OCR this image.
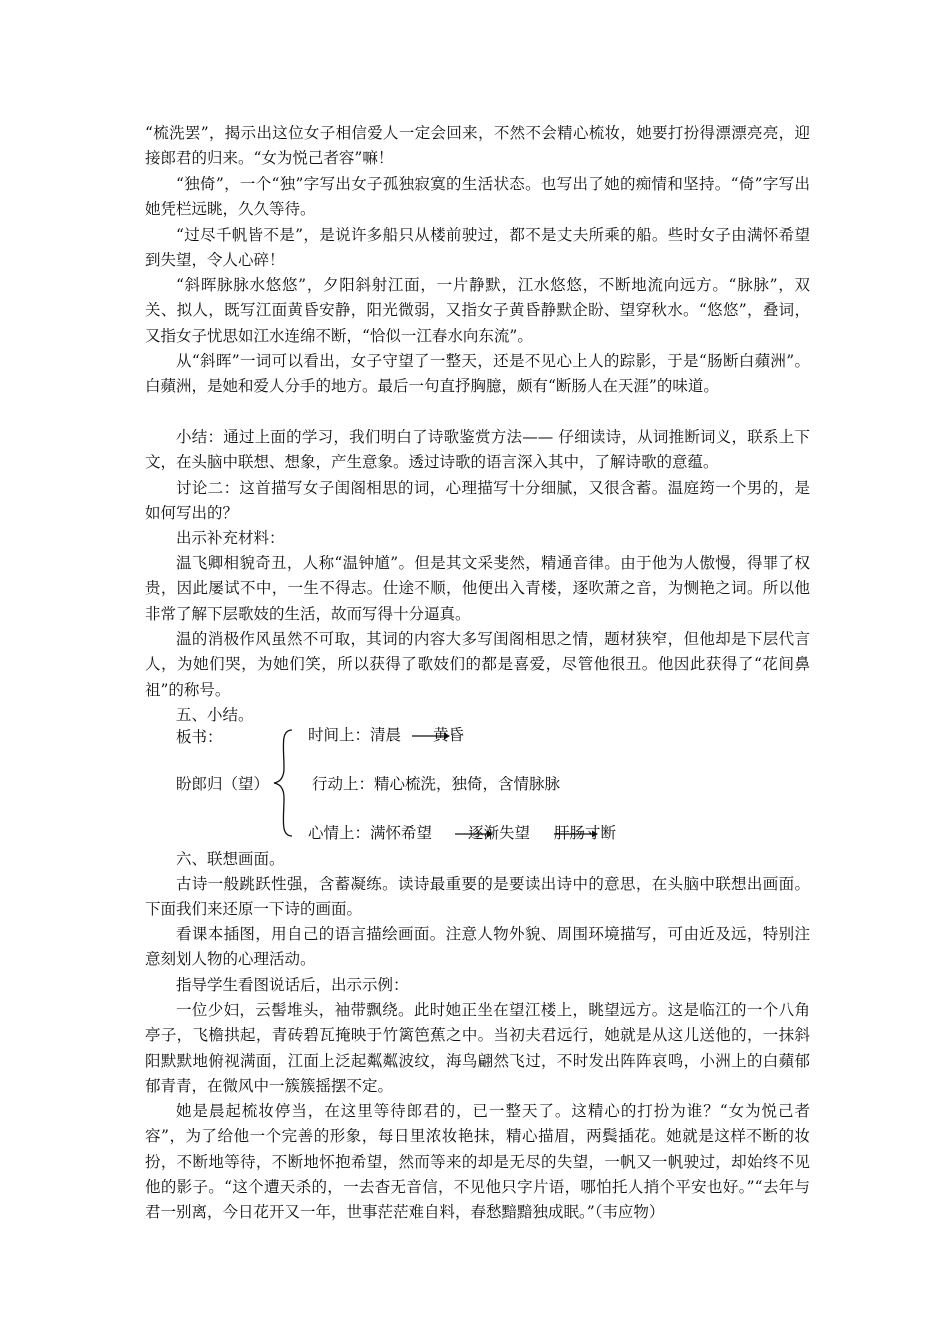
“梳洗罢”，揭示出这位女子相信爱人一定会回来，不然不会精心梳妆，她要打扮得漂漂亮亮，迎接郎君的归来。“女为悦己者容”嘛！

“独倚”，一个“独”字写出女子孤独寂寞的生活状态。也写出了她的痴情和坚持。“倚”字写出她凭栏远眺，久久等待。

“过尽千帆皆不是”，是说许多船只从楼前驶过，都不是丈夫所乘的船。些时女子由满怀希望到失望，令人心碎！

“斜晖脉脉水悠悠”，夕阳斜射江面，一片静默，江水悠悠，不断地流向远方。“脉脉”，双关、拟人，既写江面黄昏安静，阳光微弱，又指女子黄昏静默企盼、望穿秋水。“悠悠”，叠词，又指女子忧思如江水连绵不断，“恰似一江春水向东流”。

从“斜晖”一词可以看出，女子守望了一整天，还是不见心上人的踪影，于是“肠断白蘋洲”。白蘋洲，是她和爱人分手的地方。最后一句直抒胸臆，颇有“断肠人在天涯”的味道。

小结：通过上面的学习，我们明白了诗歌鉴赏方法—— 仔细读诗，从词推断词义，联系上下文，在头脑中联想、想象，产生意象。透过诗歌的语言深入其中，了解诗歌的意蕴。

讨论二：这首描写女子闺阁相思的词，心理描写十分细腻，又很含蓄。温庭筠一个男的，是如何写出的？

出示补充材料：

温飞卿相貌奇丑，人称“温钟馗”。但是其文采斐然，精通音律。由于他为人傲慢，得罪了权贵，因此屡试不中，一生不得志。仕途不顺，他便出入青楼，逐吹萧之音，为恻艳之词。所以他非常了解下层歌妓的生活，故而写得十分逼真。

温的消极作风虽然不可取，其词的内容大多写闺阁相思之情，题材狭窄，但他却是下层代言人，为她们哭，为她们笑，所以获得了歌妓们的都是喜爱，尽管他很丑。他因此获得了“花间鼻祖”的称号。

五、小结。

板书：
盼郎归（望）
时间上：清晨 黄昏
行动上：精心梳洗，独倚，含情脉脉
心情上：满怀希望 逐渐失望 肝肠寸断

六、联想画面。

古诗一般跳跃性强，含蓄凝练。读诗最重要的是要读出诗中的意思，在头脑中联想出画面。下面我们来还原一下诗的画面。

看课本插图，用自己的语言描绘画面。注意人物外貌、周围环境描写，可由近及远，特别注意刻划人物的心理活动。

指导学生看图说话后，出示示例：

一位少妇，云髻堆头，袖带飘绕。此时她正坐在望江楼上，眺望远方。这是临江的一个八角亭子，飞檐拱起，青砖碧瓦掩映于竹篱笆蕉之中。当初夫君远行，她就是从这儿送他的，一抹斜阳默默地俯视满面，江面上泛起粼粼波纹，海鸟翩然飞过，不时发出阵阵哀鸣，小洲上的白蘋郁郁青青，在微风中一簇簇摇摆不定。

她是晨起梳妆停当，在这里等待郎君的，已一整天了。这精心的打扮为谁？“女为悦己者容”，为了给他一个完善的形象，每日里浓妆艳抹，精心描眉，两鬓插花。她就是这样不断的妆扮，不断地等待，不断地怀抱希望，然而等来的却是无尽的失望，一帆又一帆驶过，却始终不见他的影子。“这个遭天杀的，一去杳无音信，不见他只字片语，哪怕托人捎个平安也好。”“去年与君一别离，今日花开又一年，世事茫茫难自料，春愁黯黯独成眠。”（韦应物）
